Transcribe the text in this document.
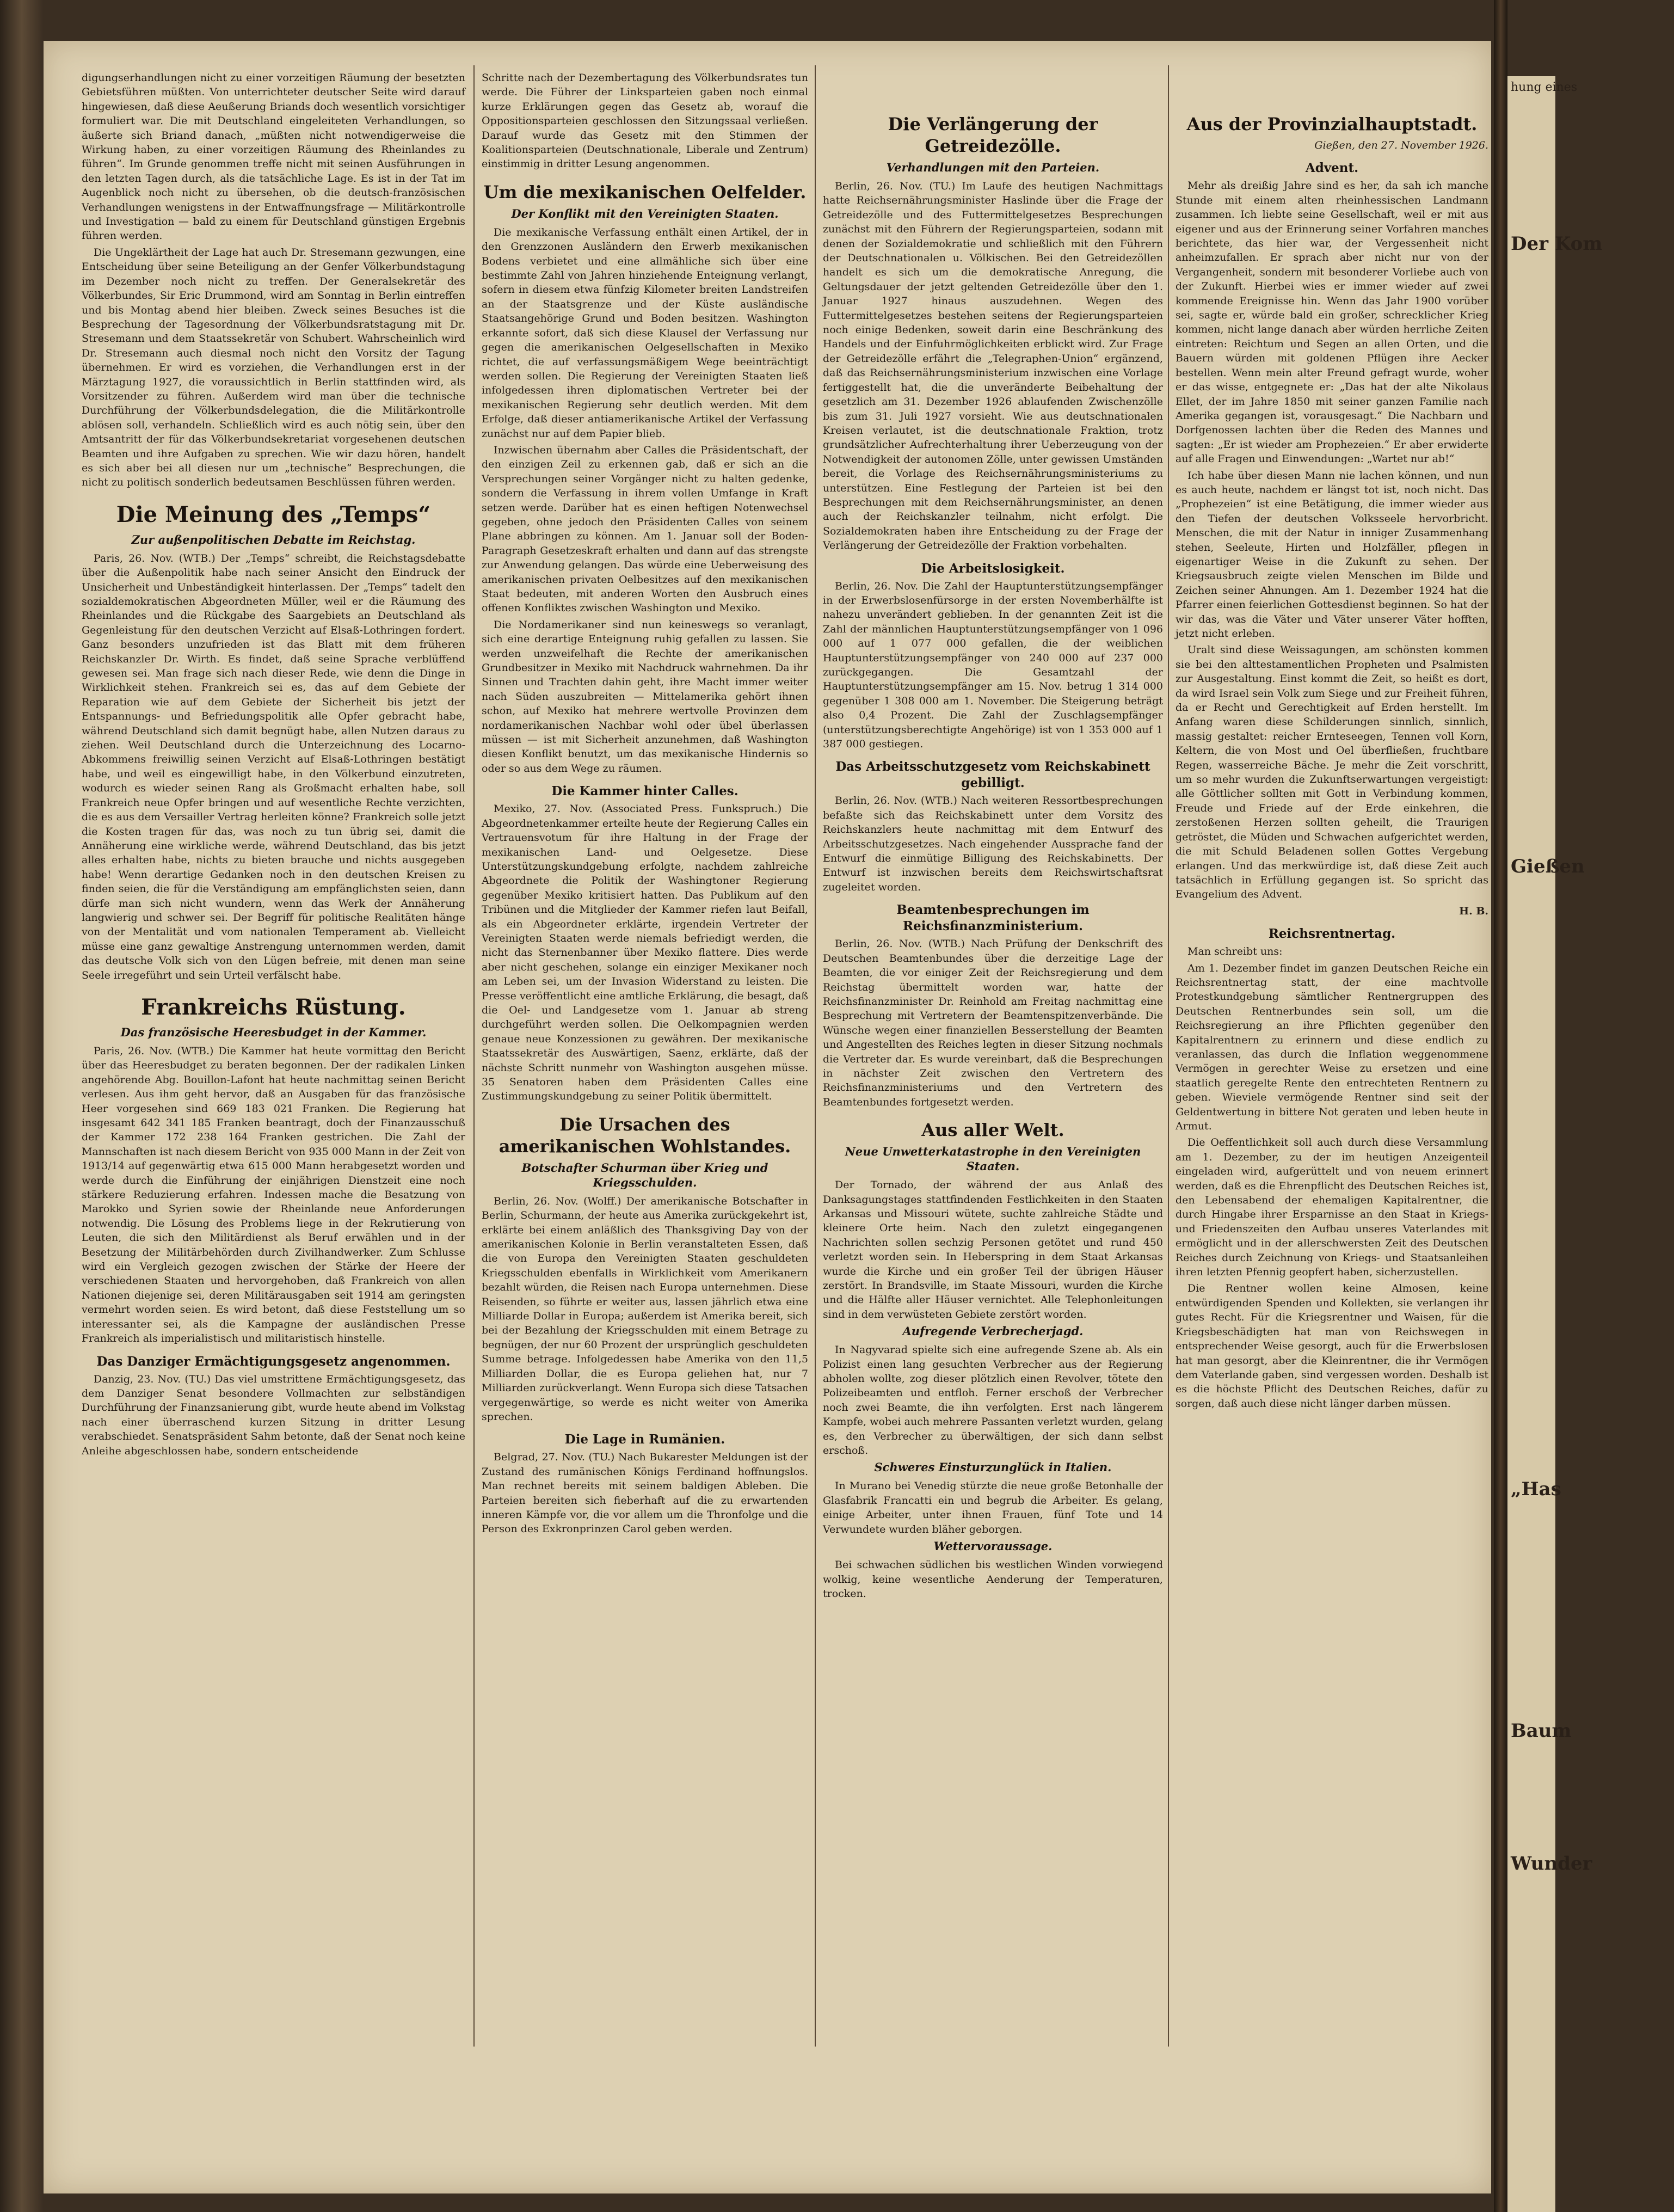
hung eines
Der Kom
Gießen
„Has
Baum
Wunder

digungserhandlungen nicht zu einer vorzeitigen Räumung der besetzten Gebietsführen müßten. Von unterrichteter deutscher Seite wird darauf hingewiesen, daß diese Aeußerung Briands doch wesentlich vorsichtiger formuliert war. Die mit Deutschland eingeleiteten Verhandlungen, so äußerte sich Briand danach, „müßten nicht notwendigerweise die Wirkung haben, zu einer vorzeitigen Räumung des Rheinlandes zu führen“. Im Grunde genommen treffe nicht mit seinen Ausführungen in den letzten Tagen durch, als die tatsächliche Lage. Es ist in der Tat im Augenblick noch nicht zu übersehen, ob die deutsch-französischen Verhandlungen wenigstens in der Entwaffnungsfrage — Militärkontrolle und Investigation — bald zu einem für Deutschland günstigen Ergebnis führen werden.

Die Ungeklärtheit der Lage hat auch Dr. Stresemann gezwungen, eine Entscheidung über seine Beteiligung an der Genfer Völkerbundstagung im Dezember noch nicht zu treffen. Der Generalsekretär des Völkerbundes, Sir Eric Drummond, wird am Sonntag in Berlin eintreffen und bis Montag abend hier bleiben. Zweck seines Besuches ist die Besprechung der Tagesordnung der Völkerbundsratstagung mit Dr. Stresemann und dem Staatssekretär von Schubert. Wahrscheinlich wird Dr. Stresemann auch diesmal noch nicht den Vorsitz der Tagung übernehmen. Er wird es vorziehen, die Verhandlungen erst in der Märztagung 1927, die voraussichtlich in Berlin stattfinden wird, als Vorsitzender zu führen. Außerdem wird man über die technische Durchführung der Völkerbundsdelegation, die die Militärkontrolle ablösen soll, verhandeln. Schließlich wird es auch nötig sein, über den Amtsantritt der für das Völkerbundsekretariat vorgesehenen deutschen Beamten und ihre Aufgaben zu sprechen. Wie wir dazu hören, handelt es sich aber bei all diesen nur um „technische“ Besprechungen, die nicht zu politisch sonderlich bedeutsamen Beschlüssen führen werden.

Die Meinung des „Temps“
Zur außenpolitischen Debatte im Reichstag.

Paris, 26. Nov. (WTB.) Der „Temps“ schreibt, die Reichstagsdebatte über die Außenpolitik habe nach seiner Ansicht den Eindruck der Unsicherheit und Unbeständigkeit hinterlassen. Der „Temps“ tadelt den sozialdemokratischen Abgeordneten Müller, weil er die Räumung des Rheinlandes und die Rückgabe des Saargebiets an Deutschland als Gegenleistung für den deutschen Verzicht auf Elsaß-Lothringen fordert. Ganz besonders unzufrieden ist das Blatt mit dem früheren Reichskanzler Dr. Wirth. Es findet, daß seine Sprache verblüffend gewesen sei. Man frage sich nach dieser Rede, wie denn die Dinge in Wirklichkeit stehen. Frankreich sei es, das auf dem Gebiete der Reparation wie auf dem Gebiete der Sicherheit bis jetzt der Entspannungs- und Befriedungspolitik alle Opfer gebracht habe, während Deutschland sich damit begnügt habe, allen Nutzen daraus zu ziehen. Weil Deutschland durch die Unterzeichnung des Locarno-Abkommens freiwillig seinen Verzicht auf Elsaß-Lothringen bestätigt habe, und weil es eingewilligt habe, in den Völkerbund einzutreten, wodurch es wieder seinen Rang als Großmacht erhalten habe, soll Frankreich neue Opfer bringen und auf wesentliche Rechte verzichten, die es aus dem Versailler Vertrag herleiten könne? Frankreich solle jetzt die Kosten tragen für das, was noch zu tun übrig sei, damit die Annäherung eine wirkliche werde, während Deutschland, das bis jetzt alles erhalten habe, nichts zu bieten brauche und nichts ausgegeben habe! Wenn derartige Gedanken noch in den deutschen Kreisen zu finden seien, die für die Verständigung am empfänglichsten seien, dann dürfe man sich nicht wundern, wenn das Werk der Annäherung langwierig und schwer sei. Der Begriff für politische Realitäten hänge von der Mentalität und vom nationalen Temperament ab. Vielleicht müsse eine ganz gewaltige Anstrengung unternommen werden, damit das deutsche Volk sich von den Lügen befreie, mit denen man seine Seele irregeführt und sein Urteil verfälscht habe.

Frankreichs Rüstung.
Das französische Heeresbudget in der Kammer.

Paris, 26. Nov. (WTB.) Die Kammer hat heute vormittag den Bericht über das Heeresbudget zu beraten begonnen. Der der radikalen Linken angehörende Abg. Bouillon-Lafont hat heute nachmittag seinen Bericht verlesen. Aus ihm geht hervor, daß an Ausgaben für das französische Heer vorgesehen sind 669 183 021 Franken. Die Regierung hat insgesamt 642 341 185 Franken beantragt, doch der Finanzausschuß der Kammer 172 238 164 Franken gestrichen. Die Zahl der Mannschaften ist nach diesem Bericht von 935 000 Mann in der Zeit von 1913/14 auf gegenwärtig etwa 615 000 Mann herabgesetzt worden und werde durch die Einführung der einjährigen Dienstzeit eine noch stärkere Reduzierung erfahren. Indessen mache die Besatzung von Marokko und Syrien sowie der Rheinlande neue Anforderungen notwendig. Die Lösung des Problems liege in der Rekrutierung von Leuten, die sich den Militärdienst als Beruf erwählen und in der Besetzung der Militärbehörden durch Zivilhandwerker. Zum Schlusse wird ein Vergleich gezogen zwischen der Stärke der Heere der verschiedenen Staaten und hervorgehoben, daß Frankreich von allen Nationen diejenige sei, deren Militärausgaben seit 1914 am geringsten vermehrt worden seien. Es wird betont, daß diese Feststellung um so interessanter sei, als die Kampagne der ausländischen Presse Frankreich als imperialistisch und militaristisch hinstelle.

Das Danziger Ermächtigungsgesetz angenommen.

Danzig, 23. Nov. (TU.) Das viel umstrittene Ermächtigungsgesetz, das dem Danziger Senat besondere Vollmachten zur selbständigen Durchführung der Finanzsanierung gibt, wurde heute abend im Volkstag nach einer überraschend kurzen Sitzung in dritter Lesung verabschiedet. Senatspräsident Sahm betonte, daß der Senat noch keine Anleihe abgeschlossen habe, sondern entscheidende

Schritte nach der Dezembertagung des Völkerbundsrates tun werde. Die Führer der Linksparteien gaben noch einmal kurze Erklärungen gegen das Gesetz ab, worauf die Oppositionsparteien geschlossen den Sitzungssaal verließen. Darauf wurde das Gesetz mit den Stimmen der Koalitionsparteien (Deutschnationale, Liberale und Zentrum) einstimmig in dritter Lesung angenommen.

Um die mexikanischen Oelfelder.
Der Konflikt mit den Vereinigten Staaten.

Die mexikanische Verfassung enthält einen Artikel, der in den Grenzzonen Ausländern den Erwerb mexikanischen Bodens verbietet und eine allmähliche sich über eine bestimmte Zahl von Jahren hinziehende Enteignung verlangt, sofern in diesem etwa fünfzig Kilometer breiten Landstreifen an der Staatsgrenze und der Küste ausländische Staatsangehörige Grund und Boden besitzen. Washington erkannte sofort, daß sich diese Klausel der Verfassung nur gegen die amerikanischen Oelgesellschaften in Mexiko richtet, die auf verfassungsmäßigem Wege beeinträchtigt werden sollen. Die Regierung der Vereinigten Staaten ließ infolgedessen ihren diplomatischen Vertreter bei der mexikanischen Regierung sehr deutlich werden. Mit dem Erfolge, daß dieser antiamerikanische Artikel der Verfassung zunächst nur auf dem Papier blieb.

Inzwischen übernahm aber Calles die Präsidentschaft, der den einzigen Zeil zu erkennen gab, daß er sich an die Versprechungen seiner Vorgänger nicht zu halten gedenke, sondern die Verfassung in ihrem vollen Umfange in Kraft setzen werde. Darüber hat es einen heftigen Notenwechsel gegeben, ohne jedoch den Präsidenten Calles von seinem Plane abbringen zu können. Am 1. Januar soll der Boden-Paragraph Gesetzeskraft erhalten und dann auf das strengste zur Anwendung gelangen. Das würde eine Ueberweisung des amerikanischen privaten Oelbesitzes auf den mexikanischen Staat bedeuten, mit anderen Worten den Ausbruch eines offenen Konfliktes zwischen Washington und Mexiko.

Die Nordamerikaner sind nun keineswegs so veranlagt, sich eine derartige Enteignung ruhig gefallen zu lassen. Sie werden unzweifelhaft die Rechte der amerikanischen Grundbesitzer in Mexiko mit Nachdruck wahrnehmen. Da ihr Sinnen und Trachten dahin geht, ihre Macht immer weiter nach Süden auszubreiten — Mittelamerika gehört ihnen schon, auf Mexiko hat mehrere wertvolle Provinzen dem nordamerikanischen Nachbar wohl oder übel überlassen müssen — ist mit Sicherheit anzunehmen, daß Washington diesen Konflikt benutzt, um das mexikanische Hindernis so oder so aus dem Wege zu räumen.

Die Kammer hinter Calles.

Mexiko, 27. Nov. (Associated Press. Funkspruch.) Die Abgeordnetenkammer erteilte heute der Regierung Calles ein Vertrauensvotum für ihre Haltung in der Frage der mexikanischen Land- und Oelgesetze. Diese Unterstützungskundgebung erfolgte, nachdem zahlreiche Abgeordnete die Politik der Washingtoner Regierung gegenüber Mexiko kritisiert hatten. Das Publikum auf den Tribünen und die Mitglieder der Kammer riefen laut Beifall, als ein Abgeordneter erklärte, irgendein Vertreter der Vereinigten Staaten werde niemals befriedigt werden, die nicht das Sternenbanner über Mexiko flattere. Dies werde aber nicht geschehen, solange ein einziger Mexikaner noch am Leben sei, um der Invasion Widerstand zu leisten. Die Presse veröffentlicht eine amtliche Erklärung, die besagt, daß die Oel- und Landgesetze vom 1. Januar ab streng durchgeführt werden sollen. Die Oelkompagnien werden genaue neue Konzessionen zu gewähren. Der mexikanische Staatssekretär des Auswärtigen, Saenz, erklärte, daß der nächste Schritt nunmehr von Washington ausgehen müsse. 35 Senatoren haben dem Präsidenten Calles eine Zustimmungskundgebung zu seiner Politik übermittelt.

Die Ursachen des amerikanischen Wohlstandes.
Botschafter Schurman über Krieg und Kriegsschulden.

Berlin, 26. Nov. (Wolff.) Der amerikanische Botschafter in Berlin, Schurmann, der heute aus Amerika zurückgekehrt ist, erklärte bei einem anläßlich des Thanksgiving Day von der amerikanischen Kolonie in Berlin veranstalteten Essen, daß die von Europa den Vereinigten Staaten geschuldeten Kriegsschulden ebenfalls in Wirklichkeit vom Amerikanern bezahlt würden, die Reisen nach Europa unternehmen. Diese Reisenden, so führte er weiter aus, lassen jährlich etwa eine Milliarde Dollar in Europa; außerdem ist Amerika bereit, sich bei der Bezahlung der Kriegsschulden mit einem Betrage zu begnügen, der nur 60 Prozent der ursprünglich geschuldeten Summe betrage. Infolgedessen habe Amerika von den 11,5 Milliarden Dollar, die es Europa geliehen hat, nur 7 Milliarden zurückverlangt. Wenn Europa sich diese Tatsachen vergegenwärtige, so werde es nicht weiter von Amerika sprechen.

Die Lage in Rumänien.

Belgrad, 27. Nov. (TU.) Nach Bukarester Meldungen ist der Zustand des rumänischen Königs Ferdinand hoffnungslos. Man rechnet bereits mit seinem baldigen Ableben. Die Parteien bereiten sich fieberhaft auf die zu erwartenden inneren Kämpfe vor, die vor allem um die Thronfolge und die Person des Exkronprinzen Carol geben werden.

Die Verlängerung der Getreidezölle.
Verhandlungen mit den Parteien.

Berlin, 26. Nov. (TU.) Im Laufe des heutigen Nachmittags hatte Reichsernährungsminister Haslinde über die Frage der Getreidezölle und des Futtermittelgesetzes Besprechungen zunächst mit den Führern der Regierungsparteien, sodann mit denen der Sozialdemokratie und schließlich mit den Führern der Deutschnationalen u. Völkischen. Bei den Getreidezöllen handelt es sich um die demokratische Anregung, die Geltungsdauer der jetzt geltenden Getreidezölle über den 1. Januar 1927 hinaus auszudehnen. Wegen des Futtermittelgesetzes bestehen seitens der Regierungsparteien noch einige Bedenken, soweit darin eine Beschränkung des Handels und der Einfuhrmöglichkeiten erblickt wird. Zur Frage der Getreidezölle erfährt die „Telegraphen-Union“ ergänzend, daß das Reichsernährungsministerium inzwischen eine Vorlage fertiggestellt hat, die die unveränderte Beibehaltung der gesetzlich am 31. Dezember 1926 ablaufenden Zwischenzölle bis zum 31. Juli 1927 vorsieht. Wie aus deutschnationalen Kreisen verlautet, ist die deutschnationale Fraktion, trotz grundsätzlicher Aufrechterhaltung ihrer Ueberzeugung von der Notwendigkeit der autonomen Zölle, unter gewissen Umständen bereit, die Vorlage des Reichsernährungsministeriums zu unterstützen. Eine Festlegung der Parteien ist bei den Besprechungen mit dem Reichsernährungsminister, an denen auch der Reichskanzler teilnahm, nicht erfolgt. Die Sozialdemokraten haben ihre Entscheidung zu der Frage der Verlängerung der Getreidezölle der Fraktion vorbehalten.

Die Arbeitslosigkeit.

Berlin, 26. Nov. Die Zahl der Hauptunterstützungsempfänger in der Erwerbslosenfürsorge in der ersten Novemberhälfte ist nahezu unverändert geblieben. In der genannten Zeit ist die Zahl der männlichen Hauptunterstützungsempfänger von 1 096 000 auf 1 077 000 gefallen, die der weiblichen Hauptunterstützungsempfänger von 240 000 auf 237 000 zurückgegangen. Die Gesamtzahl der Hauptunterstützungsempfänger am 15. Nov. betrug 1 314 000 gegenüber 1 308 000 am 1. November. Die Steigerung beträgt also 0,4 Prozent. Die Zahl der Zuschlagsempfänger (unterstützungsberechtigte Angehörige) ist von 1 353 000 auf 1 387 000 gestiegen.

Das Arbeitsschutzgesetz vom Reichskabinett gebilligt.

Berlin, 26. Nov. (WTB.) Nach weiteren Ressortbesprechungen befaßte sich das Reichskabinett unter dem Vorsitz des Reichskanzlers heute nachmittag mit dem Entwurf des Arbeitsschutzgesetzes. Nach eingehender Aussprache fand der Entwurf die einmütige Billigung des Reichskabinetts. Der Entwurf ist inzwischen bereits dem Reichswirtschaftsrat zugeleitet worden.

Beamtenbesprechungen im Reichsfinanzministerium.

Berlin, 26. Nov. (WTB.) Nach Prüfung der Denkschrift des Deutschen Beamtenbundes über die derzeitige Lage der Beamten, die vor einiger Zeit der Reichsregierung und dem Reichstag übermittelt worden war, hatte der Reichsfinanzminister Dr. Reinhold am Freitag nachmittag eine Besprechung mit Vertretern der Beamtenspitzenverbände. Die Wünsche wegen einer finanziellen Besserstellung der Beamten und Angestellten des Reiches legten in dieser Sitzung nochmals die Vertreter dar. Es wurde vereinbart, daß die Besprechungen in nächster Zeit zwischen den Vertretern des Reichsfinanzministeriums und den Vertretern des Beamtenbundes fortgesetzt werden.

Aus aller Welt.
Neue Unwetterkatastrophe in den Vereinigten Staaten.

Der Tornado, der während der aus Anlaß des Danksagungstages stattfindenden Festlichkeiten in den Staaten Arkansas und Missouri wütete, suchte zahlreiche Städte und kleinere Orte heim. Nach den zuletzt eingegangenen Nachrichten sollen sechzig Personen getötet und rund 450 verletzt worden sein. In Heberspring in dem Staat Arkansas wurde die Kirche und ein großer Teil der übrigen Häuser zerstört. In Brandsville, im Staate Missouri, wurden die Kirche und die Hälfte aller Häuser vernichtet. Alle Telephonleitungen sind in dem verwüsteten Gebiete zerstört worden.

Aufregende Verbrecherjagd.

In Nagyvarad spielte sich eine aufregende Szene ab. Als ein Polizist einen lang gesuchten Verbrecher aus der Regierung abholen wollte, zog dieser plötzlich einen Revolver, tötete den Polizeibeamten und entfloh. Ferner erschoß der Verbrecher noch zwei Beamte, die ihn verfolgten. Erst nach längerem Kampfe, wobei auch mehrere Passanten verletzt wurden, gelang es, den Verbrecher zu überwältigen, der sich dann selbst erschoß.

Schweres Einsturzunglück in Italien.

In Murano bei Venedig stürzte die neue große Betonhalle der Glasfabrik Francatti ein und begrub die Arbeiter. Es gelang, einige Arbeiter, unter ihnen Frauen, fünf Tote und 14 Verwundete wurden bläher geborgen.

Wettervoraussage.

Bei schwachen südlichen bis westlichen Winden vorwiegend wolkig, keine wesentliche Aenderung der Temperaturen, trocken.

Aus der Provinzialhauptstadt.
Gießen, den 27. November 1926.
Advent.

Mehr als dreißig Jahre sind es her, da sah ich manche Stunde mit einem alten rheinhessischen Landmann zusammen. Ich liebte seine Gesellschaft, weil er mit aus eigener und aus der Erinnerung seiner Vorfahren manches berichtete, das hier war, der Vergessenheit nicht anheimzufallen. Er sprach aber nicht nur von der Vergangenheit, sondern mit besonderer Vorliebe auch von der Zukunft. Hierbei wies er immer wieder auf zwei kommende Ereignisse hin. Wenn das Jahr 1900 vorüber sei, sagte er, würde bald ein großer, schrecklicher Krieg kommen, nicht lange danach aber würden herrliche Zeiten eintreten: Reichtum und Segen an allen Orten, und die Bauern würden mit goldenen Pflügen ihre Aecker bestellen. Wenn mein alter Freund gefragt wurde, woher er das wisse, entgegnete er: „Das hat der alte Nikolaus Ellet, der im Jahre 1850 mit seiner ganzen Familie nach Amerika gegangen ist, vorausgesagt.“ Die Nachbarn und Dorfgenossen lachten über die Reden des Mannes und sagten: „Er ist wieder am Prophezeien.“ Er aber erwiderte auf alle Fragen und Einwendungen: „Wartet nur ab!“

Ich habe über diesen Mann nie lachen können, und nun es auch heute, nachdem er längst tot ist, noch nicht. Das „Prophezeien“ ist eine Betätigung, die immer wieder aus den Tiefen der deutschen Volksseele hervorbricht. Menschen, die mit der Natur in inniger Zusammenhang stehen, Seeleute, Hirten und Holzfäller, pflegen in eigenartiger Weise in die Zukunft zu sehen. Der Kriegsausbruch zeigte vielen Menschen im Bilde und Zeichen seiner Ahnungen. Am 1. Dezember 1924 hat die Pfarrer einen feierlichen Gottesdienst beginnen. So hat der wir das, was die Väter und Väter unserer Väter hofften, jetzt nicht erleben.

Uralt sind diese Weissagungen, am schönsten kommen sie bei den alttestamentlichen Propheten und Psalmisten zur Ausgestaltung. Einst kommt die Zeit, so heißt es dort, da wird Israel sein Volk zum Siege und zur Freiheit führen, da er Recht und Gerechtigkeit auf Erden herstellt. Im Anfang waren diese Schilderungen sinnlich, sinnlich, massig gestaltet: reicher Ernteseegen, Tennen voll Korn, Keltern, die von Most und Oel überfließen, fruchtbare Regen, wasserreiche Bäche. Je mehr die Zeit vorschritt, um so mehr wurden die Zukunftserwartungen vergeistigt: alle Göttlicher sollten mit Gott in Verbindung kommen, Freude und Friede auf der Erde einkehren, die zerstoßenen Herzen sollten geheilt, die Traurigen getröstet, die Müden und Schwachen aufgerichtet werden, die mit Schuld Beladenen sollen Gottes Vergebung erlangen. Und das merkwürdige ist, daß diese Zeit auch tatsächlich in Erfüllung gegangen ist. So spricht das Evangelium des Advent.

H. B.
Reichsrentnertag.

Man schreibt uns:

Am 1. Dezember findet im ganzen Deutschen Reiche ein Reichsrentnertag statt, der eine machtvolle Protestkundgebung sämtlicher Rentnergruppen des Deutschen Rentnerbundes sein soll, um die Reichsregierung an ihre Pflichten gegenüber den Kapitalrentnern zu erinnern und diese endlich zu veranlassen, das durch die Inflation weggenommene Vermögen in gerechter Weise zu ersetzen und eine staatlich geregelte Rente den entrechteten Rentnern zu geben. Wieviele vermögende Rentner sind seit der Geldentwertung in bittere Not geraten und leben heute in Armut.

Die Oeffentlichkeit soll auch durch diese Versammlung am 1. Dezember, zu der im heutigen Anzeigenteil eingeladen wird, aufgerüttelt und von neuem erinnert werden, daß es die Ehrenpflicht des Deutschen Reiches ist, den Lebensabend der ehemaligen Kapitalrentner, die durch Hingabe ihrer Ersparnisse an den Staat in Kriegs- und Friedenszeiten den Aufbau unseres Vaterlandes mit ermöglicht und in der allerschwersten Zeit des Deutschen Reiches durch Zeichnung von Kriegs- und Staatsanleihen ihren letzten Pfennig geopfert haben, sicherzustellen.

Die Rentner wollen keine Almosen, keine entwürdigenden Spenden und Kollekten, sie verlangen ihr gutes Recht. Für die Kriegsrentner und Waisen, für die Kriegsbeschädigten hat man von Reichswegen in entsprechender Weise gesorgt, auch für die Erwerbslosen hat man gesorgt, aber die Kleinrentner, die ihr Vermögen dem Vaterlande gaben, sind vergessen worden. Deshalb ist es die höchste Pflicht des Deutschen Reiches, dafür zu sorgen, daß auch diese nicht länger darben müssen.
